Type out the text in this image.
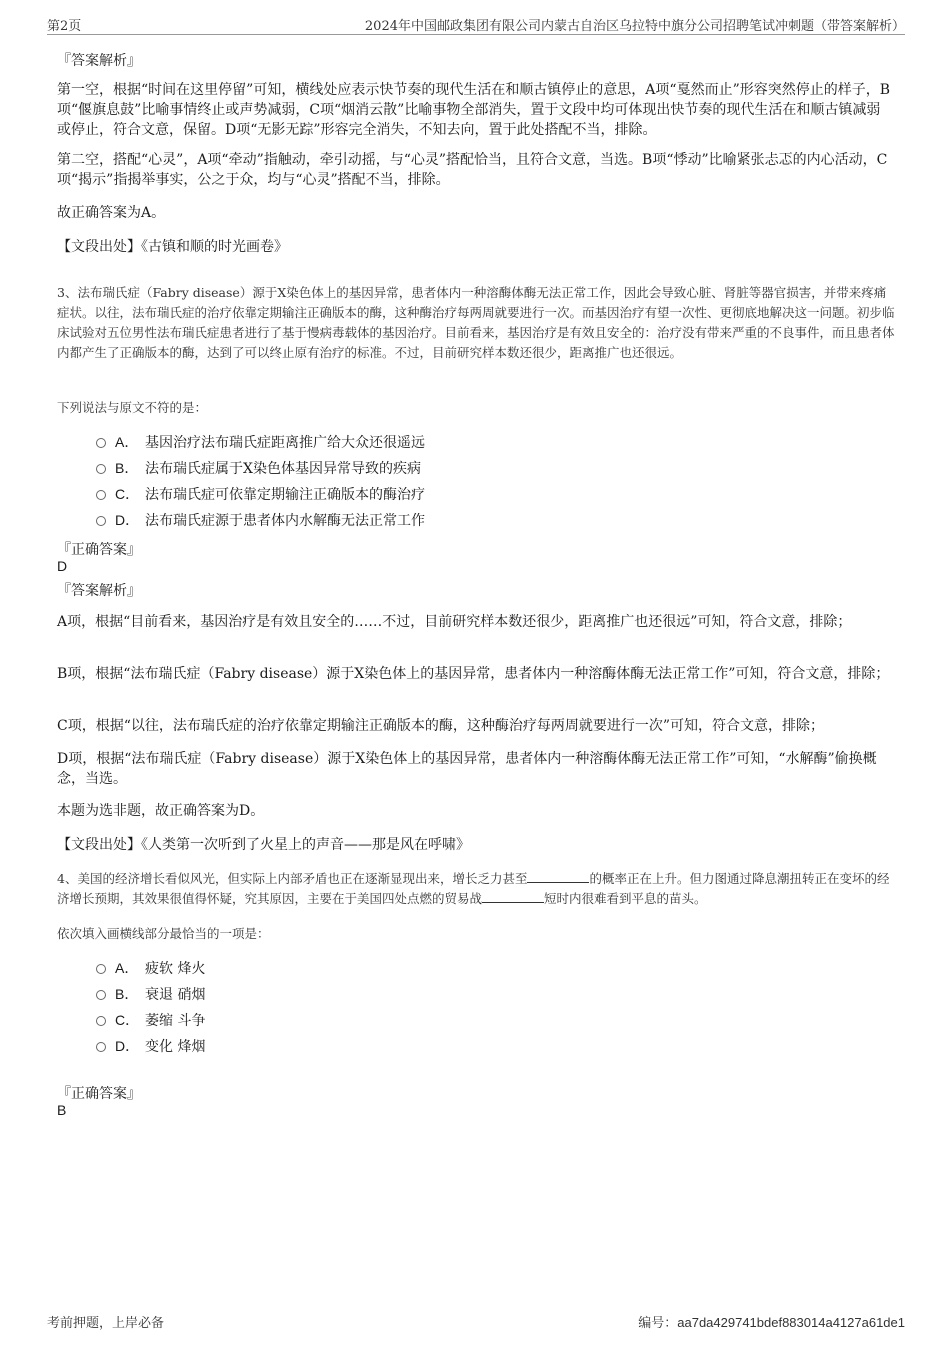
第2页	2024年中国邮政集团有限公司内蒙古自治区乌拉特中旗分公司招聘笔试冲刺题（带答案解析）
『答案解析』

第一空，根据“时间在这里停留”可知，横线处应表示快节奏的现代生活在和顺古镇停止的意思，A项“戛然而止”形容突然停止的样子，B项“偃旗息鼓”比喻事情终止或声势减弱，C项“烟消云散”比喻事物全部消失，置于文段中均可体现出快节奏的现代生活在和顺古镇减弱或停止，符合文意，保留。D项“无影无踪”形容完全消失，不知去向，置于此处搭配不当，排除。

第二空，搭配“心灵”，A项“牵动”指触动，牵引动摇，与“心灵”搭配恰当，且符合文意，当选。B项“悸动”比喻紧张忐忑的内心活动，C项“揭示”指揭举事实，公之于众，均与“心灵”搭配不当，排除。

故正确答案为A。
【文段出处】《古镇和顺的时光画卷》

3、法布瑞氏症（Fabry disease）源于X染色体上的基因异常，患者体内一种溶酶体酶无法正常工作，因此会导致心脏、肾脏等器官损害，并带来疼痛症状。以往，法布瑞氏症的治疗依靠定期输注正确版本的酶，这种酶治疗每两周就要进行一次。而基因治疗有望一次性、更彻底地解决这一问题。初步临床试验对五位男性法布瑞氏症患者进行了基于慢病毒载体的基因治疗。目前看来，基因治疗是有效且安全的：治疗没有带来严重的不良事件，而且患者体内都产生了正确版本的酶，达到了可以终止原有治疗的标准。不过，目前研究样本数还很少，距离推广也还很远。

下列说法与原文不符的是：
A． 基因治疗法布瑞氏症距离推广给大众还很遥远
B． 法布瑞氏症属于X染色体基因异常导致的疾病
C． 法布瑞氏症可依靠定期输注正确版本的酶治疗
D． 法布瑞氏症源于患者体内水解酶无法正常工作
『正确答案』
D
『答案解析』

A项，根据“目前看来，基因治疗是有效且安全的……不过，目前研究样本数还很少，距离推广也还很远”可知，符合文意，排除；

B项，根据“法布瑞氏症（Fabry disease）源于X染色体上的基因异常，患者体内一种溶酶体酶无法正常工作”可知，符合文意，排除；

C项，根据“以往，法布瑞氏症的治疗依靠定期输注正确版本的酶，这种酶治疗每两周就要进行一次”可知，符合文意，排除；

D项，根据“法布瑞氏症（Fabry disease）源于X染色体上的基因异常，患者体内一种溶酶体酶无法正常工作”可知，“水解酶”偷换概念，当选。

本题为选非题，故正确答案为D。
【文段出处】《人类第一次听到了火星上的声音——那是风在呼啸》

4、美国的经济增长看似风光，但实际上内部矛盾也正在逐渐显现出来，增长乏力甚至	的概率正在上升。但力图通过降息潮扭转正在变坏的经济增长预期，其效果很值得怀疑，究其原因，主要在于美国四处点燃的贸易战	短时内很难看到平息的苗头。

依次填入画横线部分最恰当的一项是：
A． 疲软 烽火
B． 衰退 硝烟
C． 萎缩 斗争
D． 变化 烽烟
『正确答案』
B
考前押题，上岸必备	编号：aa7da429741bdef883014a4127a61de1
